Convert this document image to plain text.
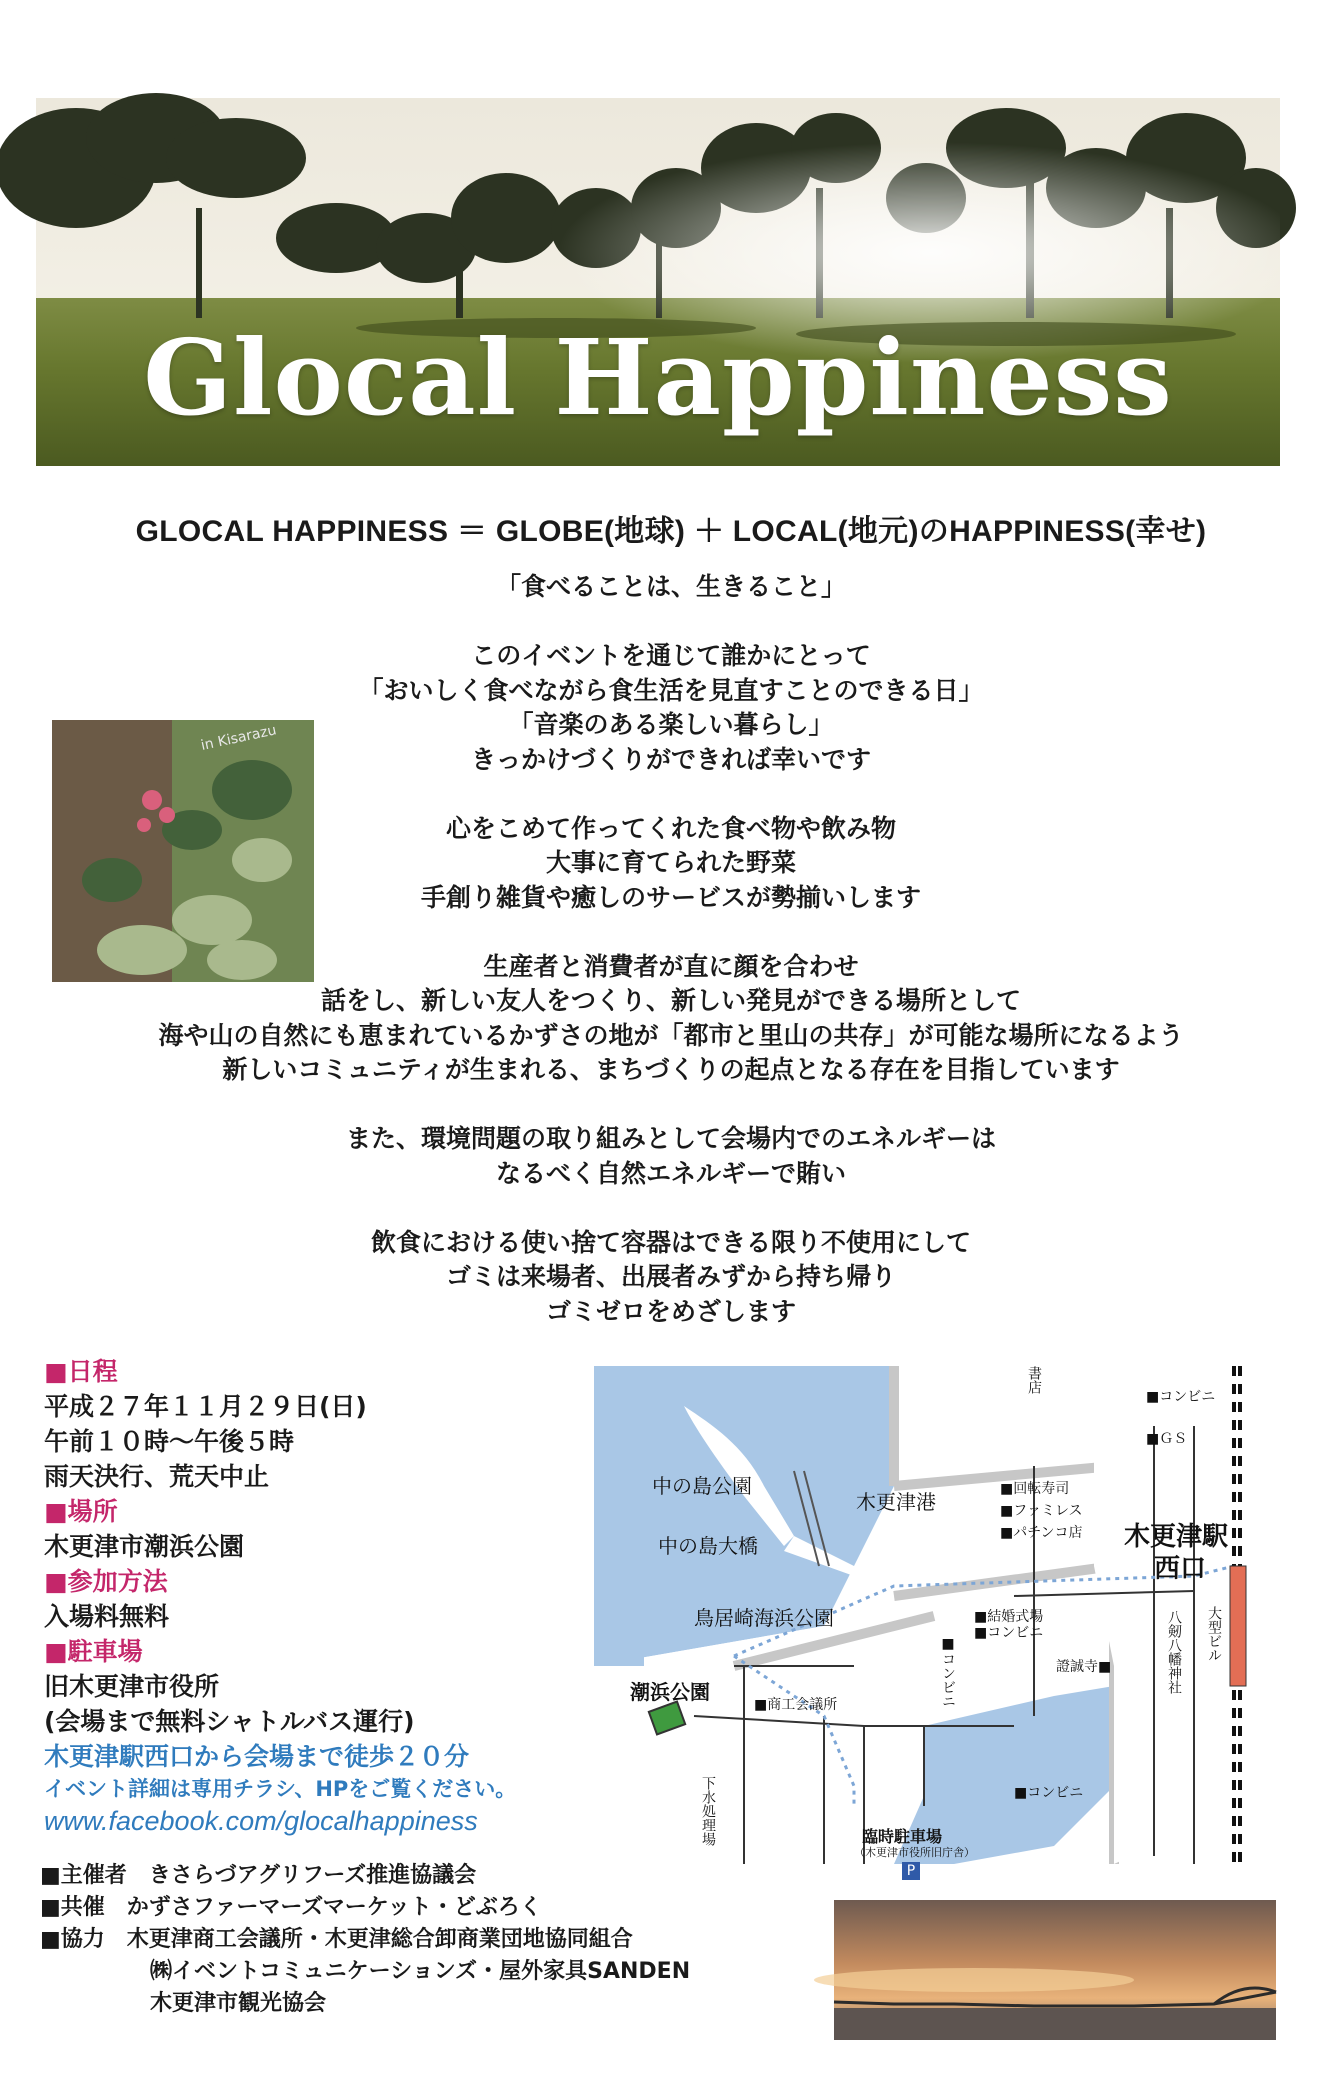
Glocal Happiness
GLOCAL HAPPINESS ＝ GLOBE(地球) ＋ LOCAL(地元)のHAPPINESS(幸せ)
in Kisarazu
「食べることは、生きること」
このイベントを通じて誰かにとって
「おいしく食べながら食生活を見直すことのできる日」
「音楽のある楽しい暮らし」
きっかけづくりができれば幸いです
心をこめて作ってくれた食べ物や飲み物
大事に育てられた野菜
手創り雑貨や癒しのサービスが勢揃いします
生産者と消費者が直に顔を合わせ
話をし、新しい友人をつくり、新しい発見ができる場所として
海や山の自然にも恵まれているかずさの地が「都市と里山の共存」が可能な場所になるよう
新しいコミュニティが生まれる、まちづくりの起点となる存在を目指しています
また、環境問題の取り組みとして会場内でのエネルギーは
なるべく自然エネルギーで賄い
飲食における使い捨て容器はできる限り不使用にして
ゴミは来場者、出展者みずから持ち帰り
ゴミゼロをめざします
■日程
平成２７年１１月２９日(日)
午前１０時〜午後５時
雨天決行、荒天中止
■場所
木更津市潮浜公園
■参加方法
入場料無料
■駐車場
旧木更津市役所
(会場まで無料シャトルバス運行)
木更津駅西口から会場まで徒歩２０分
イベント詳細は専用チラシ、HPをご覧ください。
www.facebook.com/glocalhappiness
中の島公園
中の島大橋
木更津港
鳥居崎海浜公園
潮浜公園
木更津駅
西口
臨時駐車場
（木更津市役所旧庁舎）
P
■コンビニ
■ＧＳ
■回転寿司
■ファミレス
■パチンコ店
■結婚式場
■コンビニ
■コンビニ
證誠寺■
■商工会議所
書店
■コンビニ	八剱八幡神社 大型ビル
下水処理場
■主催者　きさらづアグリフーズ推進協議会
■共催　かずさファーマーズマーケット・どぶろく
■協力　木更津商工会議所・木更津総合卸商業団地協同組合
㈱イベントコミュニケーションズ・屋外家具SANDEN
木更津市観光協会
